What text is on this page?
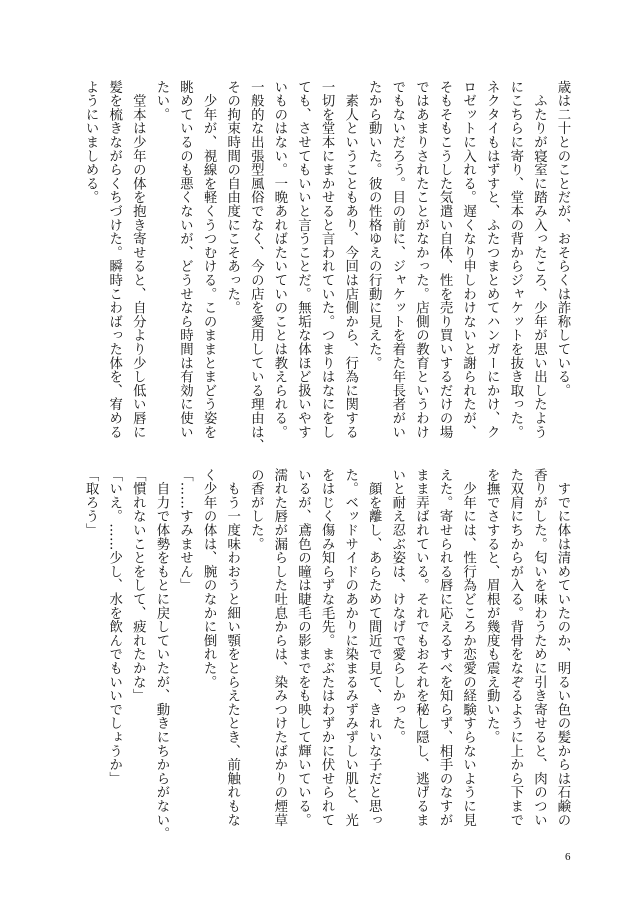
歳は二十とのことだが、おそらくは詐称している。
　ふたりが寝室に踏み入ったころ、少年が思い出したよう
にこちらに寄り、堂本の背からジャケットを抜き取った。
ネクタイもはずすと、ふたつまとめてハンガーにかけ、ク
ロゼットに入れる。遅くなり申しわけないと謝られたが、
そもそもこうした気遣い自体、性を売り買いするだけの場
ではあまりされたことがなかった。店側の教育というわけ
でもないだろう。目の前に、ジャケットを着た年長者がい
たから動いた。彼の性格ゆえの行動に見えた。
　素人ということもあり、今回は店側から、行為に関する
一切を堂本にまかせると言われていた。つまりはなにをし
ても、させてもいいと言うことだ。無垢な体ほど扱いやす
いものはない。一晩あればたいていのことは教えられる。
一般的な出張型風俗でなく、今の店を愛用している理由は、
その拘束時間の自由度にこそあった。
　少年が、視線を軽くうつむける。このままとまどう姿を
眺めているのも悪くないが、どうせなら時間は有効に使い
たい。
　堂本は少年の体を抱き寄せると、自分より少し低い唇に
髪を梳きながらくちづけた。瞬時こわばった体を、宥める
ようにいましめる。
　すでに体は清めていたのか、明るい色の髪からは石鹸の
香りがした。匂いを味わうために引き寄せると、肉のつい
た双肩にちからが入る。背骨をなぞるように上から下まで
を撫でさすると、眉根が幾度も震え動いた。
　少年には、性行為どころか恋愛の経験すらないように見
えた。寄せられる唇に応えるすべを知らず、相手のなすが
まま弄ばれている。それでもおそれを秘し隠し、逃げるま
いと耐え忍ぶ姿は、けなげで愛らしかった。
　顔を離し、あらためて間近で見て、きれいな子だと思っ
た。ベッドサイドのあかりに染まるみずみずしい肌と、光
をはじく傷み知らずな毛先。まぶたはわずかに伏せられて
いるが、鳶色の瞳は睫毛の影までをも映して輝いている。
濡れた唇が漏らした吐息からは、染みつけたばかりの煙草
の香がした。
　もう一度味わおうと細い顎をとらえたとき、前触れもな
く少年の体は、腕のなかに倒れた。
「……すみません」
　自力で体勢をもとに戻していたが、動きにちからがない。
「慣れないことをして、疲れたかな」
「いえ。……少し、水を飲んでもいいでしょうか」
「取ろう」
6
